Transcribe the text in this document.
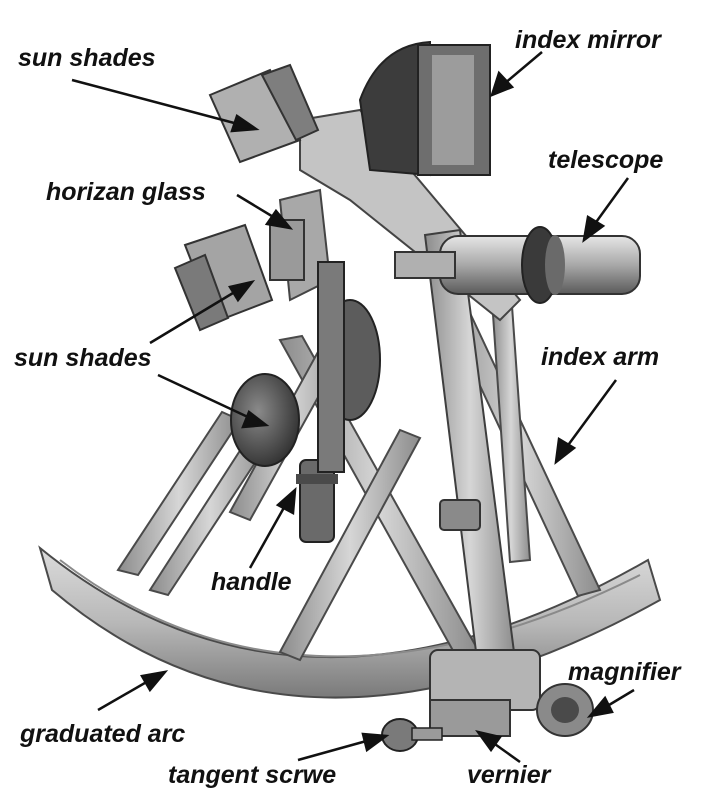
sun shades
index mirror
horizan glass
telescope
sun shades	index arm
handle
magnifier
graduated arc
tangent scrwe	vernier
